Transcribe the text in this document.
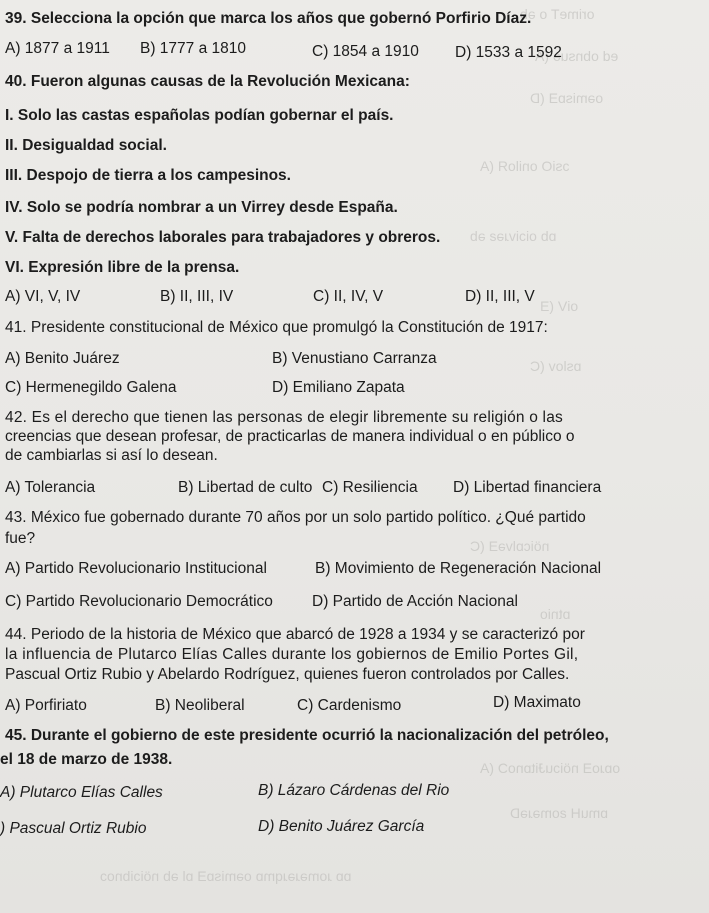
orimeT o ǝb
ed obnsuǝ (A
oǝmisɒƎ (D
ɔsiO oniloЯ (A
ɒb oiɔivɹǝƨ ǝb
oiV (Ǝ
ɒslov (C
nöicɒlvǝƎ (C
ɒtnio
oɒɹoƎ nöiɔuɈitɒnoƆ (A
ɒmuH ƨomǝɹǝD
ɒɒ ɹomǝɹǝɹqmɒ oǝmisɒƎ ɒl ǝb nöiɔibnoɔ
39. Selecciona la opción que marca los años que gobernó Porfirio Díaz.
A) 1877 a 1911 B) 1777 a 1810	C) 1854 a 1910 D) 1533 a 1592
40. Fueron algunas causas de la Revolución Mexicana:
I. Solo las castas españolas podían gobernar el país.
II. Desigualdad social.
III. Despojo de tierra a los campesinos.
IV. Solo se podría nombrar a un Virrey desde España.
V. Falta de derechos laborales para trabajadores y obreros.
VI. Expresión libre de la prensa.
A) VI, V, IV	B) II, III, IV	C) II, IV, V	D) II, III, V
41. Presidente constitucional de México que promulgó la Constitución de 1917:
A) Benito Juárez	B) Venustiano Carranza
C) Hermenegildo Galena	D) Emiliano Zapata
42. Es el derecho que tienen las personas de elegir libremente su religión o las
creencias que desean profesar, de practicarlas de manera individual o en público o
de cambiarlas si así lo desean.
A) Tolerancia	B) Libertad de culto C) Resiliencia D) Libertad financiera
43. México fue gobernado durante 70 años por un solo partido político. ¿Qué partido
fue?
A) Partido Revolucionario Institucional	B) Movimiento de Regeneración Nacional
C) Partido Revolucionario Democrático	D) Partido de Acción Nacional
44. Periodo de la historia de México que abarcó de 1928 a 1934 y se caracterizó por
la influencia de Plutarco Elías Calles durante los gobiernos de Emilio Portes Gil,
Pascual Ortiz Rubio y Abelardo Rodríguez, quienes fueron controlados por Calles.
A) Porfiriato	B) Neoliberal	C) Cardenismo	D) Maximato
45. Durante el gobierno de este presidente ocurrió la nacionalización del petróleo,
el 18 de marzo de 1938.
A) Plutarco Elías Calles	B) Lázaro Cárdenas del Rio
) Pascual Ortiz Rubio	D) Benito Juárez García
